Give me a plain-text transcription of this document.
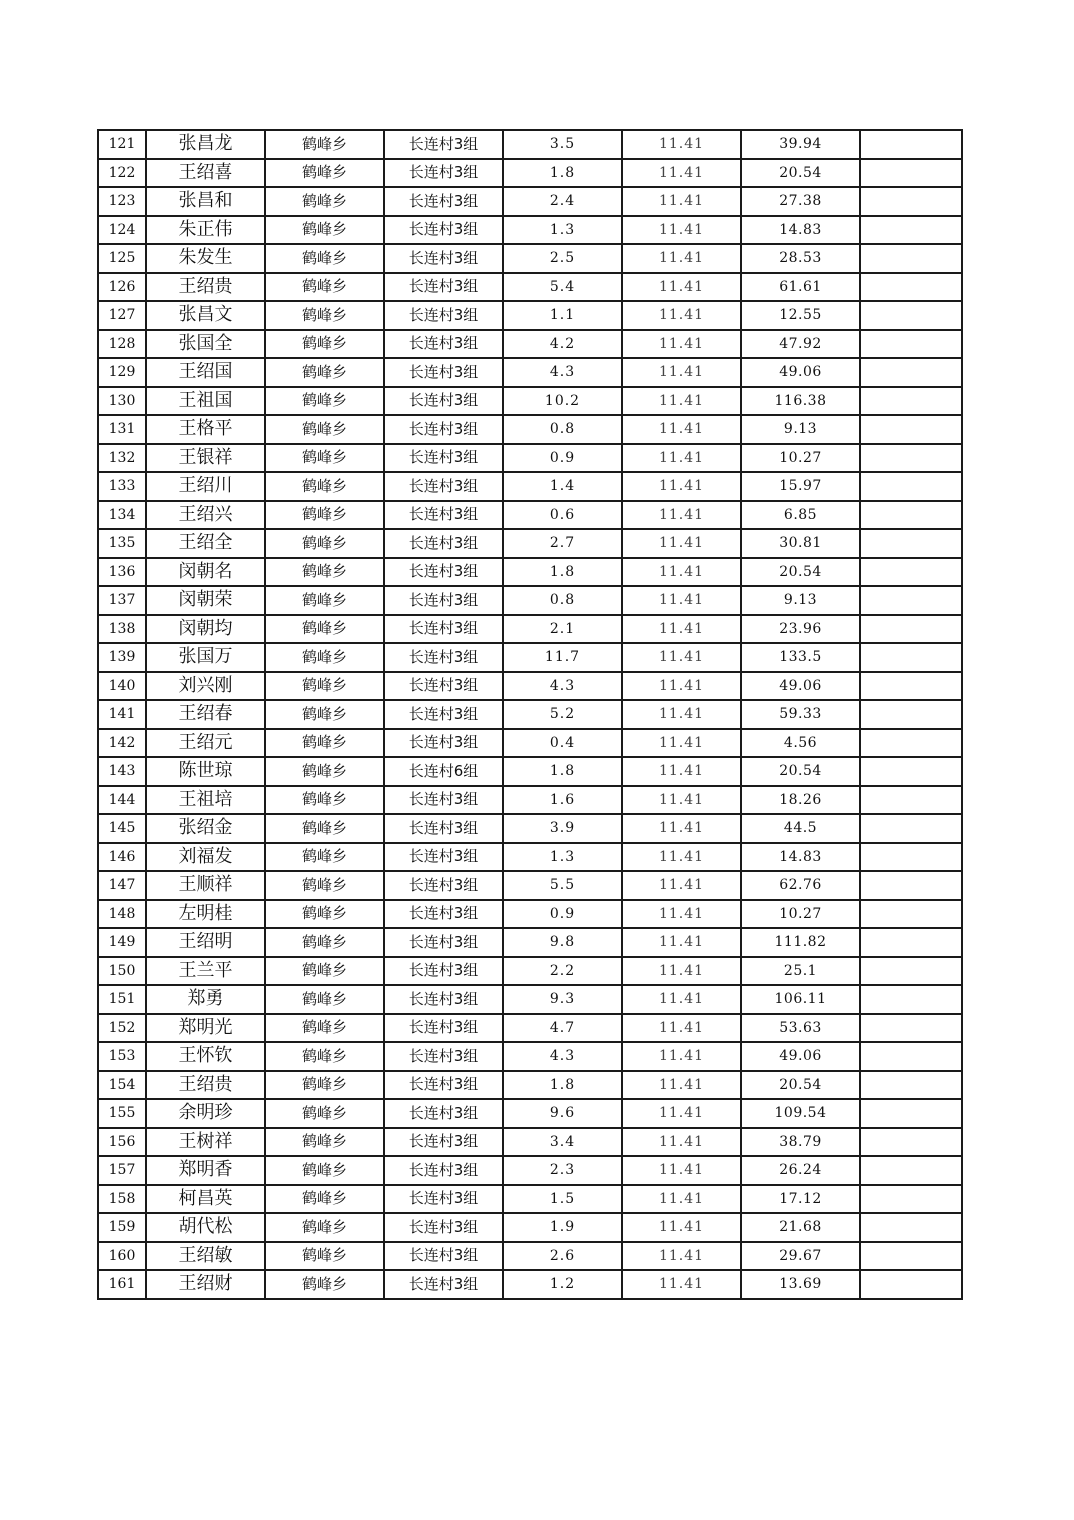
121	张昌龙	鹤峰乡	长连村3组	3.5	11.41	39.94	
122	王绍喜	鹤峰乡	长连村3组	1.8	11.41	20.54	
123	张昌和	鹤峰乡	长连村3组	2.4	11.41	27.38	
124	朱正伟	鹤峰乡	长连村3组	1.3	11.41	14.83	
125	朱发生	鹤峰乡	长连村3组	2.5	11.41	28.53	
126	王绍贵	鹤峰乡	长连村3组	5.4	11.41	61.61	
127	张昌文	鹤峰乡	长连村3组	1.1	11.41	12.55	
128	张国全	鹤峰乡	长连村3组	4.2	11.41	47.92	
129	王绍国	鹤峰乡	长连村3组	4.3	11.41	49.06	
130	王祖国	鹤峰乡	长连村3组	10.2	11.41	116.38	
131	王格平	鹤峰乡	长连村3组	0.8	11.41	9.13	
132	王银祥	鹤峰乡	长连村3组	0.9	11.41	10.27	
133	王绍川	鹤峰乡	长连村3组	1.4	11.41	15.97	
134	王绍兴	鹤峰乡	长连村3组	0.6	11.41	6.85	
135	王绍全	鹤峰乡	长连村3组	2.7	11.41	30.81	
136	闵朝名	鹤峰乡	长连村3组	1.8	11.41	20.54	
137	闵朝荣	鹤峰乡	长连村3组	0.8	11.41	9.13	
138	闵朝均	鹤峰乡	长连村3组	2.1	11.41	23.96	
139	张国万	鹤峰乡	长连村3组	11.7	11.41	133.5	
140	刘兴刚	鹤峰乡	长连村3组	4.3	11.41	49.06	
141	王绍春	鹤峰乡	长连村3组	5.2	11.41	59.33	
142	王绍元	鹤峰乡	长连村3组	0.4	11.41	4.56	
143	陈世琼	鹤峰乡	长连村6组	1.8	11.41	20.54	
144	王祖培	鹤峰乡	长连村3组	1.6	11.41	18.26	
145	张绍金	鹤峰乡	长连村3组	3.9	11.41	44.5	
146	刘福发	鹤峰乡	长连村3组	1.3	11.41	14.83	
147	王顺祥	鹤峰乡	长连村3组	5.5	11.41	62.76	
148	左明桂	鹤峰乡	长连村3组	0.9	11.41	10.27	
149	王绍明	鹤峰乡	长连村3组	9.8	11.41	111.82	
150	王兰平	鹤峰乡	长连村3组	2.2	11.41	25.1	
151	郑勇	鹤峰乡	长连村3组	9.3	11.41	106.11	
152	郑明光	鹤峰乡	长连村3组	4.7	11.41	53.63	
153	王怀钦	鹤峰乡	长连村3组	4.3	11.41	49.06	
154	王绍贵	鹤峰乡	长连村3组	1.8	11.41	20.54	
155	余明珍	鹤峰乡	长连村3组	9.6	11.41	109.54	
156	王树祥	鹤峰乡	长连村3组	3.4	11.41	38.79	
157	郑明香	鹤峰乡	长连村3组	2.3	11.41	26.24	
158	柯昌英	鹤峰乡	长连村3组	1.5	11.41	17.12	
159	胡代松	鹤峰乡	长连村3组	1.9	11.41	21.68	
160	王绍敏	鹤峰乡	长连村3组	2.6	11.41	29.67	
161	王绍财	鹤峰乡	长连村3组	1.2	11.41	13.69	
